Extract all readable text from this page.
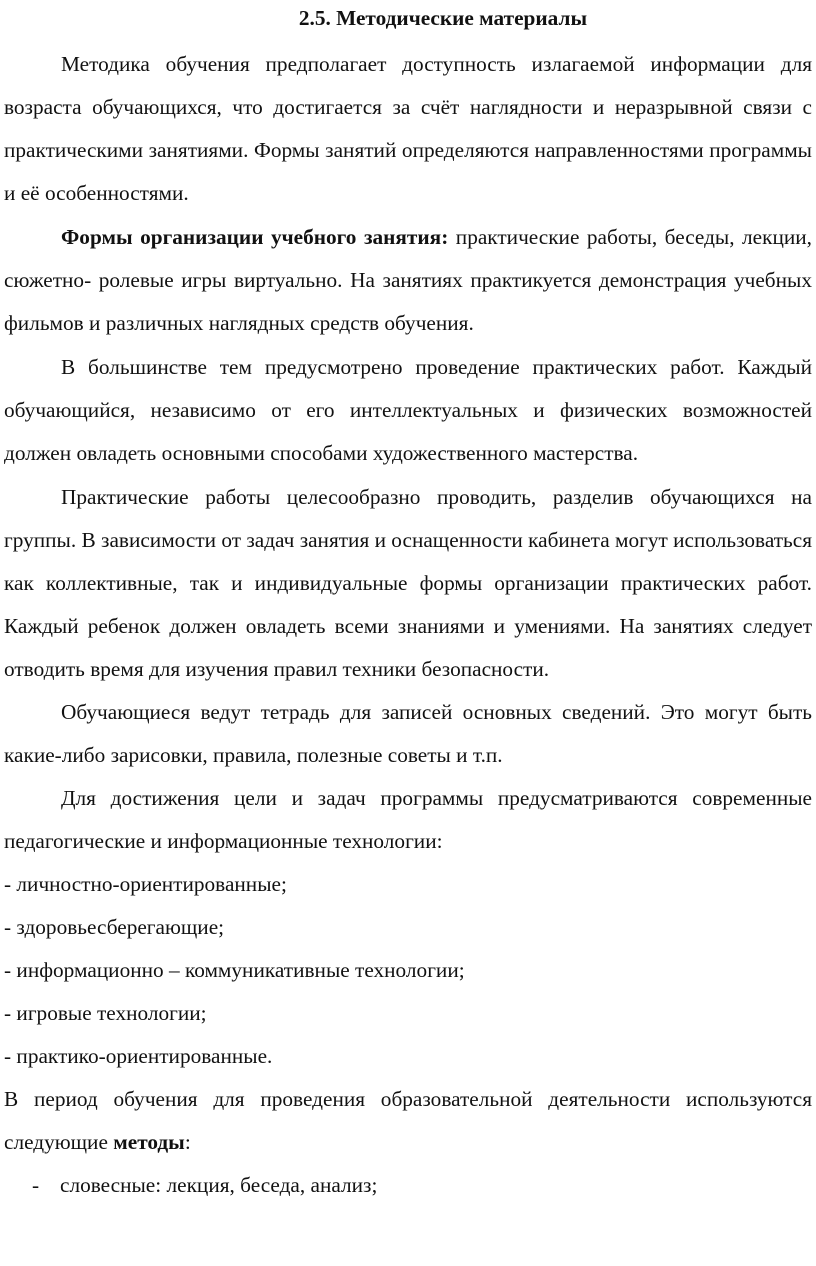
2.5. Методические материалы

Методика обучения предполагает доступность излагаемой информации для возраста обучающихся, что достигается за счёт наглядности и неразрывной связи с практическими занятиями. Формы занятий определяются направленностями программы и её особенностями.

Формы организации учебного занятия: практические работы, беседы, лекции, сюжетно- ролевые игры виртуально. На занятиях практикуется демонстрация учебных фильмов и различных наглядных средств обучения.

В большинстве тем предусмотрено проведение практических работ. Каждый обучающийся, независимо от его интеллектуальных и физических возможностей должен овладеть основными способами художественного мастерства.

Практические работы целесообразно проводить, разделив обучающихся на группы. В зависимости от задач занятия и оснащенности кабинета могут использоваться как коллективные, так и индивидуальные формы организации практических работ. Каждый ребенок должен овладеть всеми знаниями и умениями. На занятиях следует отводить время для изучения правил техники безопасности.

Обучающиеся ведут тетрадь для записей основных сведений. Это могут быть какие-либо зарисовки, правила, полезные советы и т.п.

Для достижения цели и задач программы предусматриваются современные педагогические и информационные технологии:

- личностно-ориентированные;

- здоровьесберегающие;

- информационно – коммуникативные технологии;

- игровые технологии;

- практико-ориентированные.

В период обучения для проведения образовательной деятельности используются следующие методы:

- словесные: лекция, беседа, анализ;
